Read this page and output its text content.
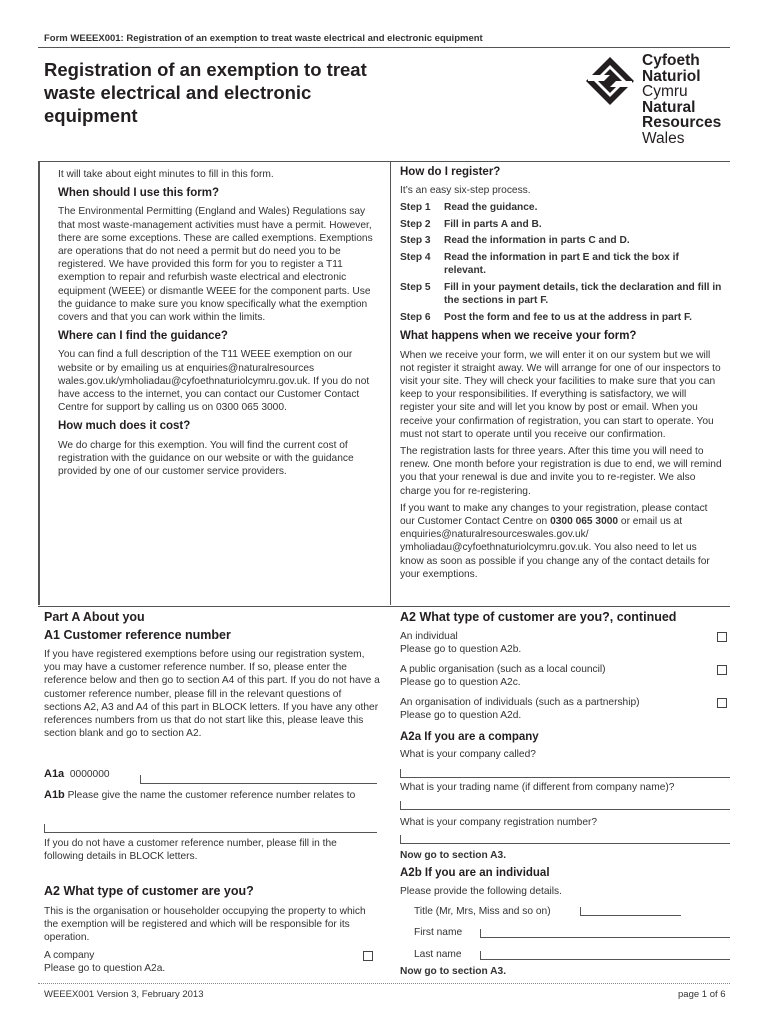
Form WEEEX001: Registration of an exemption to treat waste electrical and electronic equipment
Registration of an exemption to treat waste electrical and electronic equipment
Cyfoeth
Naturiol
Cymru
Natural
Resources
Wales

It will take about eight minutes to fill in this form.

When should I use this form?

The Environmental Permitting (England and Wales) Regulations say that most waste-management activities must have a permit. However, there are some exceptions. These are called exemptions. Exemptions are operations that do not need a permit but do need you to be registered. We have provided this form for you to register a T11 exemption to repair and refurbish waste electrical and electronic equipment (WEEE) or dismantle WEEE for the component parts. Use the guidance to make sure you know specifically what the exemption covers and that you can work within the limits.

Where can I find the guidance?

You can find a full description of the T11 WEEE exemption on our website or by emailing us at enquiries@naturalresources wales.gov.uk/ymholiadau@cyfoethnaturiolcymru.gov.uk. If you do not have access to the internet, you can contact our Customer Contact Centre for support by calling us on 0300 065 3000.

How much does it cost?

We do charge for this exemption. You will find the current cost of registration with the guidance on our website or with the guidance provided by one of our customer service providers.

How do I register?

It’s an easy six-step process.

Step 1	Read the guidance.
Step 2	Fill in parts A and B.
Step 3	Read the information in parts C and D.
Step 4	Read the information in part E and tick the box if relevant.
Step 5	Fill in your payment details, tick the declaration and fill in the sections in part F.
Step 6	Post the form and fee to us at the address in part F.
What happens when we receive your form?

When we receive your form, we will enter it on our system but we will not register it straight away. We will arrange for one of our inspectors to visit your site. They will check your facilities to make sure that you can keep to your responsibilities. If everything is satisfactory, we will register your site and will let you know by post or email. When you receive your confirmation of registration, you can start to operate. You must not start to operate until you receive our confirmation.

The registration lasts for three years. After this time you will need to renew. One month before your registration is due to end, we will remind you that your renewal is due and invite you to re-register. We also charge you for re-registering.

If you want to make any changes to your registration, please contact our Customer Contact Centre on 0300 065 3000 or email us at enquiries@naturalresourceswales.gov.uk/ ymholiadau@cyfoethnaturiolcymru.gov.uk. You also need to let us know as soon as possible if you change any of the contact details for your exemptions.

Part A About you
A1 Customer reference number
If you have registered exemptions before using our registration system, you may have a customer reference number. If so, please enter the reference below and then go to section A4 of this part. If you do not have a customer reference number, please fill in the relevant questions of sections A2, A3 and A4 of this part in BLOCK letters. If you have any other references numbers from us that do not start like this, please leave this section blank and go to section A2.
A1a 0000000
A1b Please give the name the customer reference number relates to
If you do not have a customer reference number, please fill in the following details in BLOCK letters.
A2 What type of customer are you?
This is the organisation or householder occupying the property to which the exemption will be registered and which will be responsible for its operation.
A company
Please go to question A2a.
A2 What type of customer are you?, continued
An individual
Please go to question A2b.
A public organisation (such as a local council)
Please go to question A2c.
An organisation of individuals (such as a partnership)
Please go to question A2d.
A2a If you are a company
What is your company called?
What is your trading name (if different from company name)?
What is your company registration number?
Now go to section A3.
A2b If you are an individual
Please provide the following details.
Title (Mr, Mrs, Miss and so on)
First name
Last name
Now go to section A3.
WEEEX001 Version 3, February 2013	page 1 of 6
